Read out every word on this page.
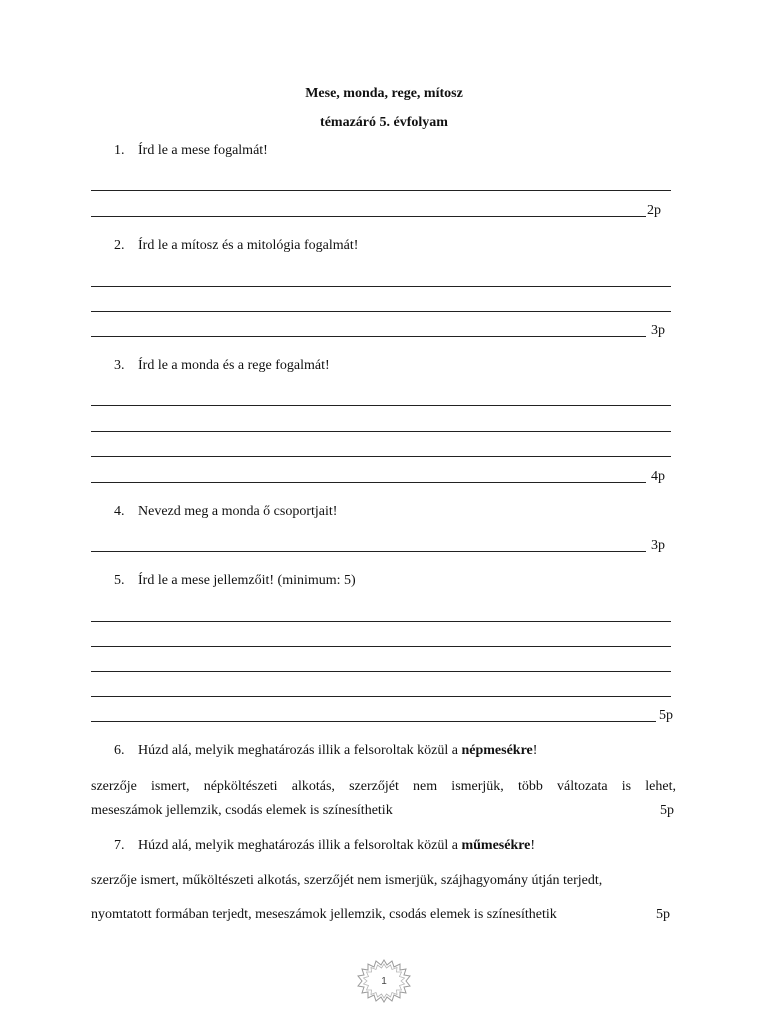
Mese, monda, rege, mítosz
témazáró 5. évfolyam
1. Írd le a mese fogalmát!
2p
2. Írd le a mítosz és a mitológia fogalmát!
3p
3. Írd le a monda és a rege fogalmát!
4p
4. Nevezd meg a monda ő csoportjait!
3p
5. Írd le a mese jellemzőit! (minimum: 5)
5p
6. Húzd alá, melyik meghatározás illik a felsoroltak közül a népmesékre!
szerzője ismert, népköltészeti alkotás, szerzőjét nem ismerjük, több változata is lehet,
meseszámok jellemzik, csodás elemek is színesíthetik	5p
7. Húzd alá, melyik meghatározás illik a felsoroltak közül a műmesékre!
szerzője ismert, műköltészeti alkotás, szerzőjét nem ismerjük, szájhagyomány útján terjedt,
nyomtatott formában terjedt, meseszámok jellemzik, csodás elemek is színesíthetik	5p
1
